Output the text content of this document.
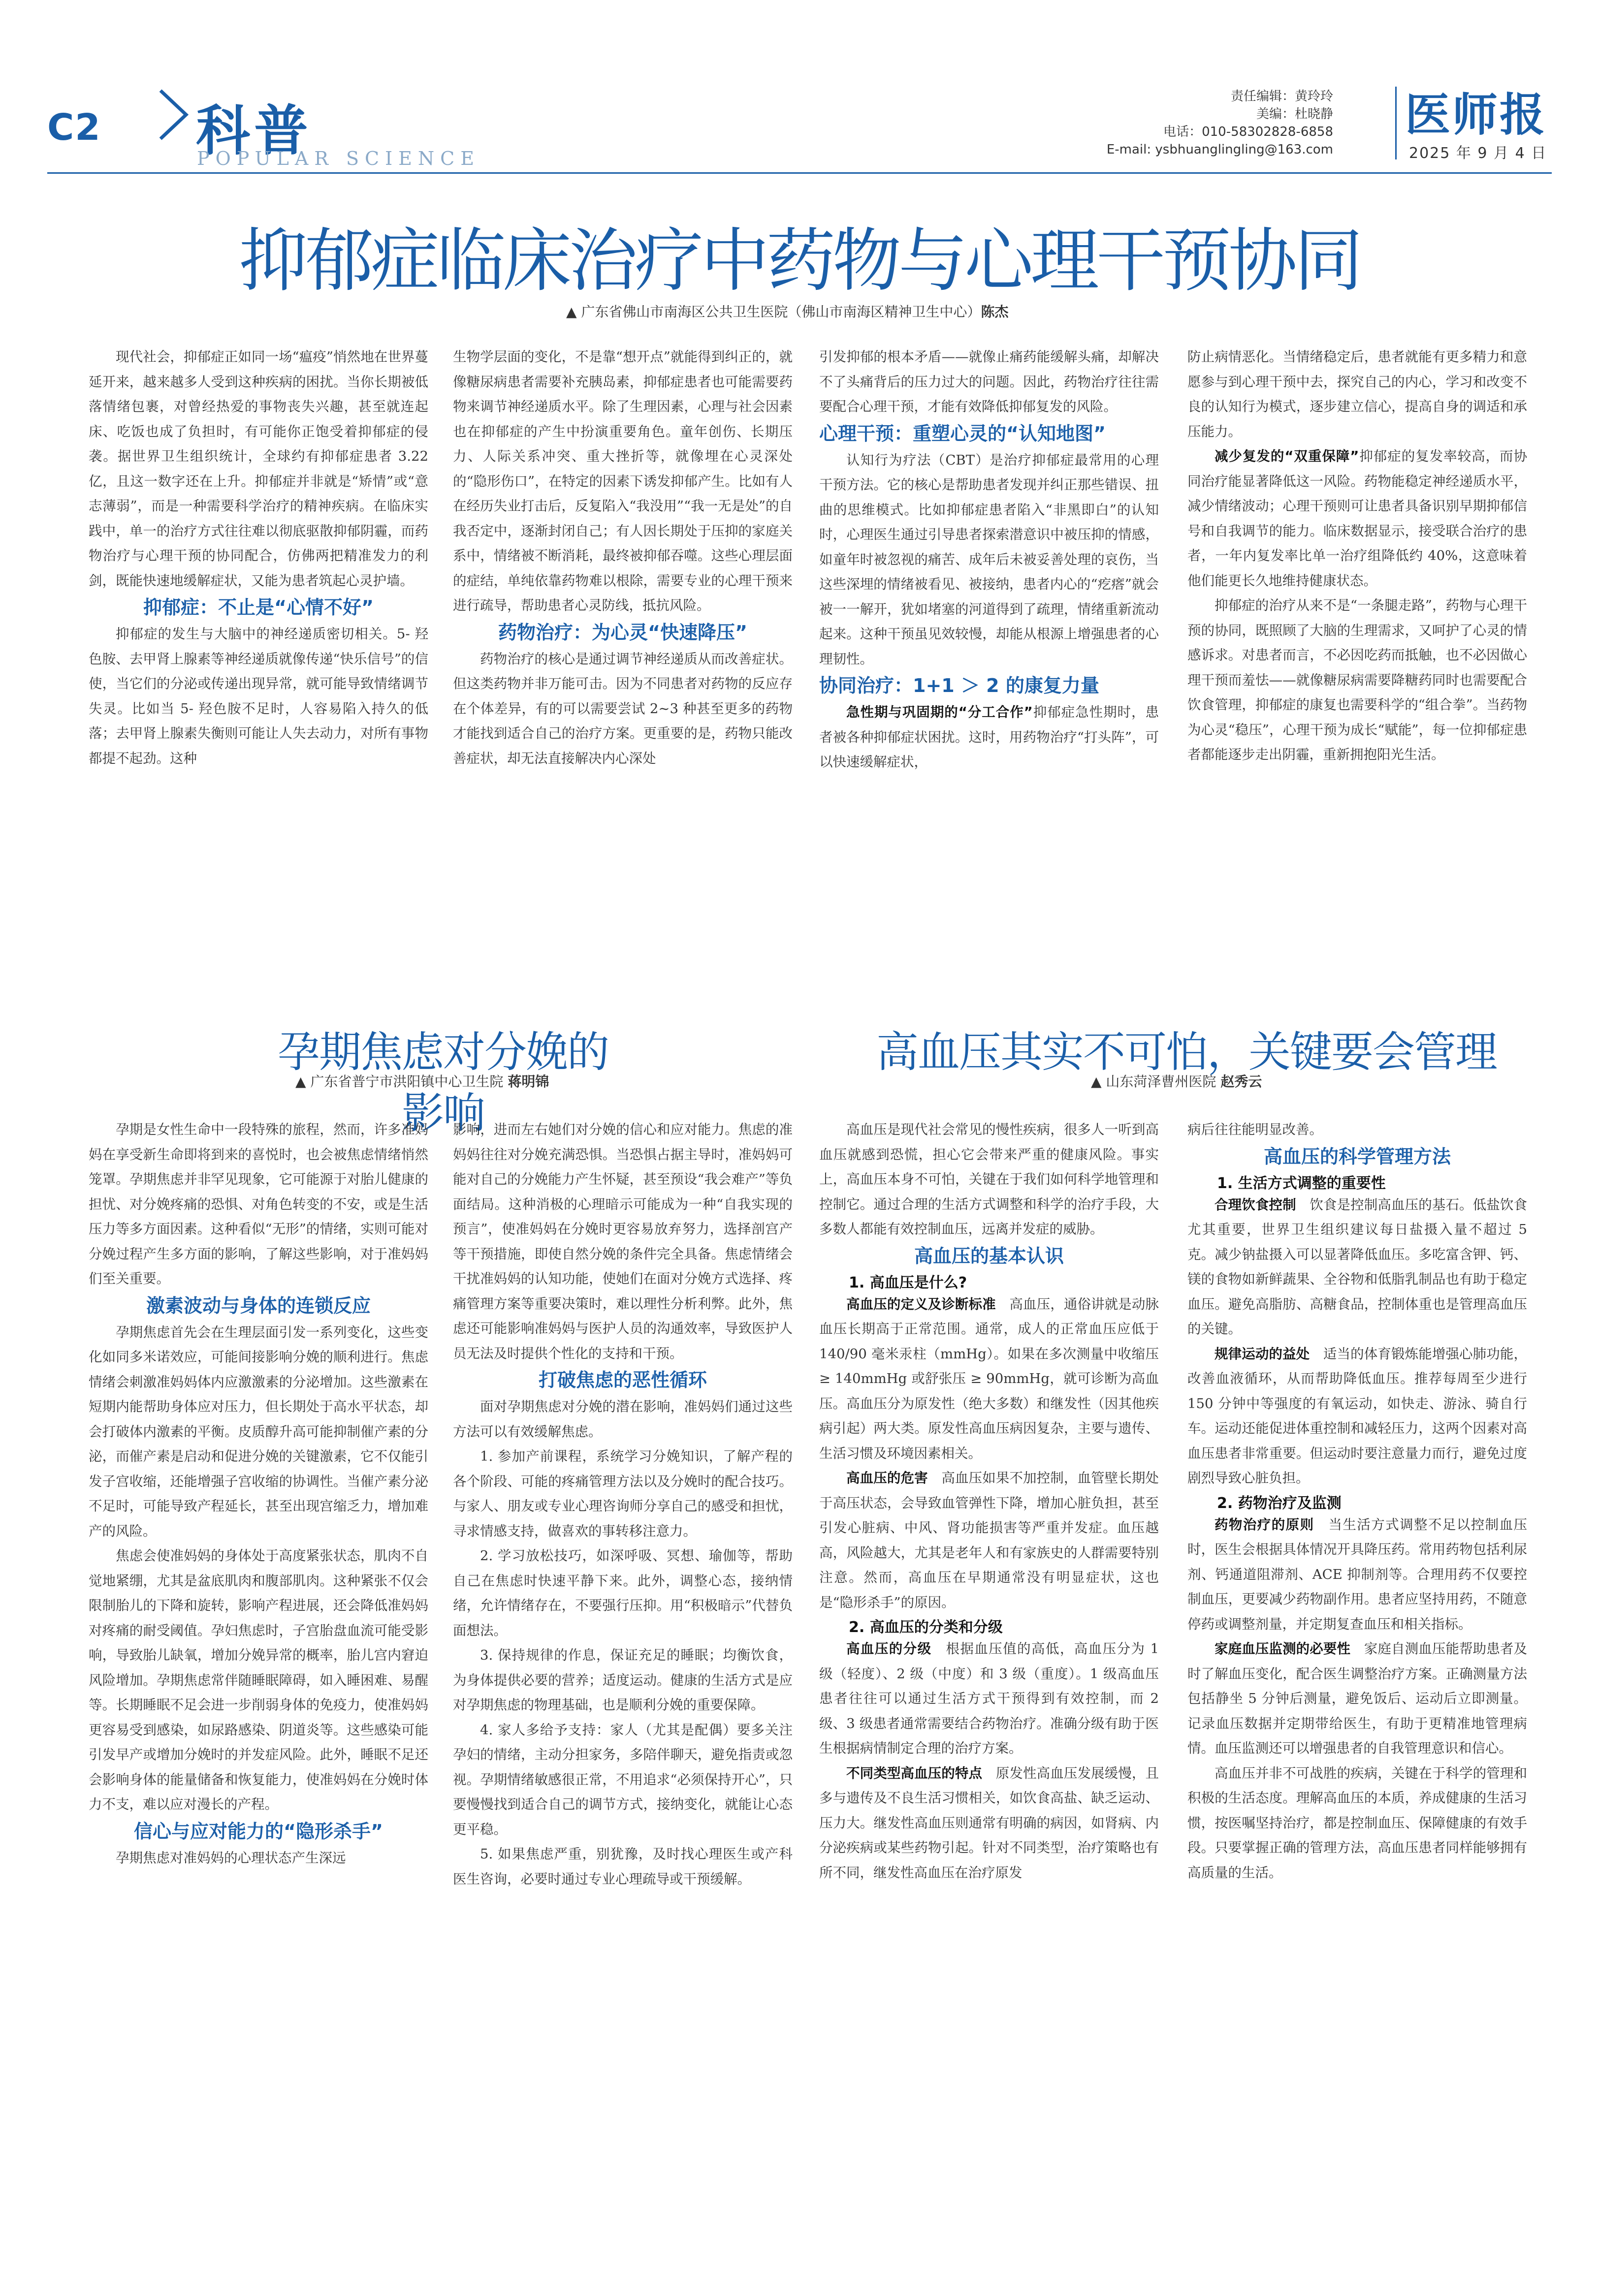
C2 科普
POPULAR SCIENCE
责任编辑：黄玲玲
美编：杜晓静
电话：010-58302828-6858
E-mail: ysbhuanglingling@163.com
医师报
2025 年 9 月 4 日
抑郁症临床治疗中药物与心理干预协同
▲ 广东省佛山市南海区公共卫生医院（佛山市南海区精神卫生中心）陈杰

现代社会，抑郁症正如同一场“瘟疫”悄然地在世界蔓延开来，越来越多人受到这种疾病的困扰。当你长期被低落情绪包裹，对曾经热爱的事物丧失兴趣，甚至就连起床、吃饭也成了负担时，有可能你正饱受着抑郁症的侵袭。据世界卫生组织统计，全球约有抑郁症患者 3.22 亿，且这一数字还在上升。抑郁症并非就是“矫情”或“意志薄弱”，而是一种需要科学治疗的精神疾病。在临床实践中，单一的治疗方式往往难以彻底驱散抑郁阴霾，而药物治疗与心理干预的协同配合，仿佛两把精准发力的利剑，既能快速地缓解症状，又能为患者筑起心灵护墙。

抑郁症：不止是“心情不好”

抑郁症的发生与大脑中的神经递质密切相关。5- 羟色胺、去甲肾上腺素等神经递质就像传递“快乐信号”的信使，当它们的分泌或传递出现异常，就可能导致情绪调节失灵。比如当 5- 羟色胺不足时，人容易陷入持久的低落；去甲肾上腺素失衡则可能让人失去动力，对所有事物都提不起劲。这种

生物学层面的变化，不是靠“想开点”就能得到纠正的，就像糖尿病患者需要补充胰岛素，抑郁症患者也可能需要药物来调节神经递质水平。除了生理因素，心理与社会因素也在抑郁症的产生中扮演重要角色。童年创伤、长期压力、人际关系冲突、重大挫折等，就像埋在心灵深处的“隐形伤口”，在特定的因素下诱发抑郁产生。比如有人在经历失业打击后，反复陷入“我没用”“我一无是处”的自我否定中，逐渐封闭自己；有人因长期处于压抑的家庭关系中，情绪被不断消耗，最终被抑郁吞噬。这些心理层面的症结，单纯依靠药物难以根除，需要专业的心理干预来进行疏导，帮助患者心灵防线，抵抗风险。

药物治疗：为心灵“快速降压”

药物治疗的核心是通过调节神经递质从而改善症状。但这类药物并非万能可击。因为不同患者对药物的反应存在个体差异，有的可以需要尝试 2~3 种甚至更多的药物才能找到适合自己的治疗方案。更重要的是，药物只能改善症状，却无法直接解决内心深处

引发抑郁的根本矛盾——就像止痛药能缓解头痛，却解决不了头痛背后的压力过大的问题。因此，药物治疗往往需要配合心理干预，才能有效降低抑郁复发的风险。

心理干预：重塑心灵的“认知地图”

认知行为疗法（CBT）是治疗抑郁症最常用的心理干预方法。它的核心是帮助患者发现并纠正那些错误、扭曲的思维模式。比如抑郁症患者陷入“非黑即白”的认知时，心理医生通过引导患者探索潜意识中被压抑的情感，如童年时被忽视的痛苦、成年后未被妥善处理的哀伤，当这些深埋的情绪被看见、被接纳，患者内心的“疙瘩”就会被一一解开，犹如堵塞的河道得到了疏理，情绪重新流动起来。这种干预虽见效较慢，却能从根源上增强患者的心理韧性。

协同治疗：1+1 ＞ 2 的康复力量

急性期与巩固期的“分工合作”抑郁症急性期时，患者被各种抑郁症状困扰。这时，用药物治疗“打头阵”，可以快速缓解症状，

防止病情恶化。当情绪稳定后，患者就能有更多精力和意愿参与到心理干预中去，探究自己的内心，学习和改变不良的认知行为模式，逐步建立信心，提高自身的调适和承压能力。

减少复发的“双重保障”抑郁症的复发率较高，而协同治疗能显著降低这一风险。药物能稳定神经递质水平，减少情绪波动；心理干预则可让患者具备识别早期抑郁信号和自我调节的能力。临床数据显示，接受联合治疗的患者，一年内复发率比单一治疗组降低约 40%，这意味着他们能更长久地维持健康状态。

抑郁症的治疗从来不是“一条腿走路”，药物与心理干预的协同，既照顾了大脑的生理需求，又呵护了心灵的情感诉求。对患者而言，不必因吃药而抵触，也不必因做心理干预而羞怯——就像糖尿病需要降糖药同时也需要配合饮食管理，抑郁症的康复也需要科学的“组合拳”。当药物为心灵“稳压”，心理干预为成长“赋能”，每一位抑郁症患者都能逐步走出阴霾，重新拥抱阳光生活。

孕期焦虑对分娩的影响
▲ 广东省普宁市洪阳镇中心卫生院 蒋明锦

孕期是女性生命中一段特殊的旅程，然而，许多准妈妈在享受新生命即将到来的喜悦时，也会被焦虑情绪悄然笼罩。孕期焦虑并非罕见现象，它可能源于对胎儿健康的担忧、对分娩疼痛的恐惧、对角色转变的不安，或是生活压力等多方面因素。这种看似“无形”的情绪，实则可能对分娩过程产生多方面的影响，了解这些影响，对于准妈妈们至关重要。

激素波动与身体的连锁反应

孕期焦虑首先会在生理层面引发一系列变化，这些变化如同多米诺效应，可能间接影响分娩的顺利进行。焦虑情绪会刺激准妈妈体内应激激素的分泌增加。这些激素在短期内能帮助身体应对压力，但长期处于高水平状态，却会打破体内激素的平衡。皮质醇升高可能抑制催产素的分泌，而催产素是启动和促进分娩的关键激素，它不仅能引发子宫收缩，还能增强子宫收缩的协调性。当催产素分泌不足时，可能导致产程延长，甚至出现宫缩乏力，增加难产的风险。

焦虑会使准妈妈的身体处于高度紧张状态，肌肉不自觉地紧绷，尤其是盆底肌肉和腹部肌肉。这种紧张不仅会限制胎儿的下降和旋转，影响产程进展，还会降低准妈妈对疼痛的耐受阈值。孕妇焦虑时，子宫胎盘血流可能受影响，导致胎儿缺氧，增加分娩异常的概率，胎儿宫内窘迫风险增加。孕期焦虑常伴随睡眠障碍，如入睡困难、易醒等。长期睡眠不足会进一步削弱身体的免疫力，使准妈妈更容易受到感染，如尿路感染、阴道炎等。这些感染可能引发早产或增加分娩时的并发症风险。此外，睡眠不足还会影响身体的能量储备和恢复能力，使准妈妈在分娩时体力不支，难以应对漫长的产程。

信心与应对能力的“隐形杀手”

孕期焦虑对准妈妈的心理状态产生深远

影响，进而左右她们对分娩的信心和应对能力。焦虑的准妈妈往往对分娩充满恐惧。当恐惧占据主导时，准妈妈可能对自己的分娩能力产生怀疑，甚至预设“我会难产”等负面结局。这种消极的心理暗示可能成为一种“自我实现的预言”，使准妈妈在分娩时更容易放弃努力，选择剖宫产等干预措施，即使自然分娩的条件完全具备。焦虑情绪会干扰准妈妈的认知功能，使她们在面对分娩方式选择、疼痛管理方案等重要决策时，难以理性分析利弊。此外，焦虑还可能影响准妈妈与医护人员的沟通效率，导致医护人员无法及时提供个性化的支持和干预。

打破焦虑的恶性循环

面对孕期焦虑对分娩的潜在影响，准妈妈们通过这些方法可以有效缓解焦虑。

1. 参加产前课程，系统学习分娩知识，了解产程的各个阶段、可能的疼痛管理方法以及分娩时的配合技巧。与家人、朋友或专业心理咨询师分享自己的感受和担忧，寻求情感支持，做喜欢的事转移注意力。

2. 学习放松技巧，如深呼吸、冥想、瑜伽等，帮助自己在焦虑时快速平静下来。此外，调整心态，接纳情绪，允许情绪存在，不要强行压抑。用“积极暗示”代替负面想法。

3. 保持规律的作息，保证充足的睡眠；均衡饮食，为身体提供必要的营养；适度运动。健康的生活方式是应对孕期焦虑的物理基础，也是顺利分娩的重要保障。

4. 家人多给予支持：家人（尤其是配偶）要多关注孕妇的情绪，主动分担家务，多陪伴聊天，避免指责或忽视。孕期情绪敏感很正常，不用追求“必须保持开心”，只要慢慢找到适合自己的调节方式，接纳变化，就能让心态更平稳。

5. 如果焦虑严重，别犹豫，及时找心理医生或产科医生咨询，必要时通过专业心理疏导或干预缓解。

高血压其实不可怕，关键要会管理
▲ 山东菏泽曹州医院 赵秀云

高血压是现代社会常见的慢性疾病，很多人一听到高血压就感到恐慌，担心它会带来严重的健康风险。事实上，高血压本身不可怕，关键在于我们如何科学地管理和控制它。通过合理的生活方式调整和科学的治疗手段，大多数人都能有效控制血压，远离并发症的威胁。

高血压的基本认识

1. 高血压是什么?

高血压的定义及诊断标准　 高血压，通俗讲就是动脉血压长期高于正常范围。通常，成人的正常血压应低于 140/90 毫米汞柱（mmHg）。如果在多次测量中收缩压 ≥ 140mmHg 或舒张压 ≥ 90mmHg，就可诊断为高血压。高血压分为原发性（绝大多数）和继发性（因其他疾病引起）两大类。原发性高血压病因复杂，主要与遗传、生活习惯及环境因素相关。

高血压的危害　 高血压如果不加控制，血管壁长期处于高压状态，会导致血管弹性下降，增加心脏负担，甚至引发心脏病、中风、肾功能损害等严重并发症。血压越高，风险越大，尤其是老年人和有家族史的人群需要特别注意。然而，高血压在早期通常没有明显症状，这也是“隐形杀手”的原因。

2. 高血压的分类和分级

高血压的分级　 根据血压值的高低，高血压分为 1 级（轻度）、2 级（中度）和 3 级（重度）。1 级高血压患者往往可以通过生活方式干预得到有效控制，而 2 级、3 级患者通常需要结合药物治疗。准确分级有助于医生根据病情制定合理的治疗方案。

不同类型高血压的特点　 原发性高血压发展缓慢，且多与遗传及不良生活习惯相关，如饮食高盐、缺乏运动、压力大。继发性高血压则通常有明确的病因，如肾病、内分泌疾病或某些药物引起。针对不同类型，治疗策略也有所不同，继发性高血压在治疗原发

病后往往能明显改善。

高血压的科学管理方法

1. 生活方式调整的重要性

合理饮食控制　 饮食是控制高血压的基石。低盐饮食尤其重要，世界卫生组织建议每日盐摄入量不超过 5 克。减少钠盐摄入可以显著降低血压。多吃富含钾、钙、镁的食物如新鲜蔬果、全谷物和低脂乳制品也有助于稳定血压。避免高脂肪、高糖食品，控制体重也是管理高血压的关键。

规律运动的益处　 适当的体育锻炼能增强心肺功能，改善血液循环，从而帮助降低血压。推荐每周至少进行 150 分钟中等强度的有氧运动，如快走、游泳、骑自行车。运动还能促进体重控制和减轻压力，这两个因素对高血压患者非常重要。但运动时要注意量力而行，避免过度剧烈导致心脏负担。

2. 药物治疗及监测

药物治疗的原则　 当生活方式调整不足以控制血压时，医生会根据具体情况开具降压药。常用药物包括利尿剂、钙通道阻滞剂、ACE 抑制剂等。合理用药不仅要控制血压，更要减少药物副作用。患者应坚持用药，不随意停药或调整剂量，并定期复查血压和相关指标。

家庭血压监测的必要性　 家庭自测血压能帮助患者及时了解血压变化，配合医生调整治疗方案。正确测量方法包括静坐 5 分钟后测量，避免饭后、运动后立即测量。记录血压数据并定期带给医生，有助于更精准地管理病情。血压监测还可以增强患者的自我管理意识和信心。

高血压并非不可战胜的疾病，关键在于科学的管理和积极的生活态度。理解高血压的本质，养成健康的生活习惯，按医嘱坚持治疗，都是控制血压、保障健康的有效手段。只要掌握正确的管理方法，高血压患者同样能够拥有高质量的生活。
